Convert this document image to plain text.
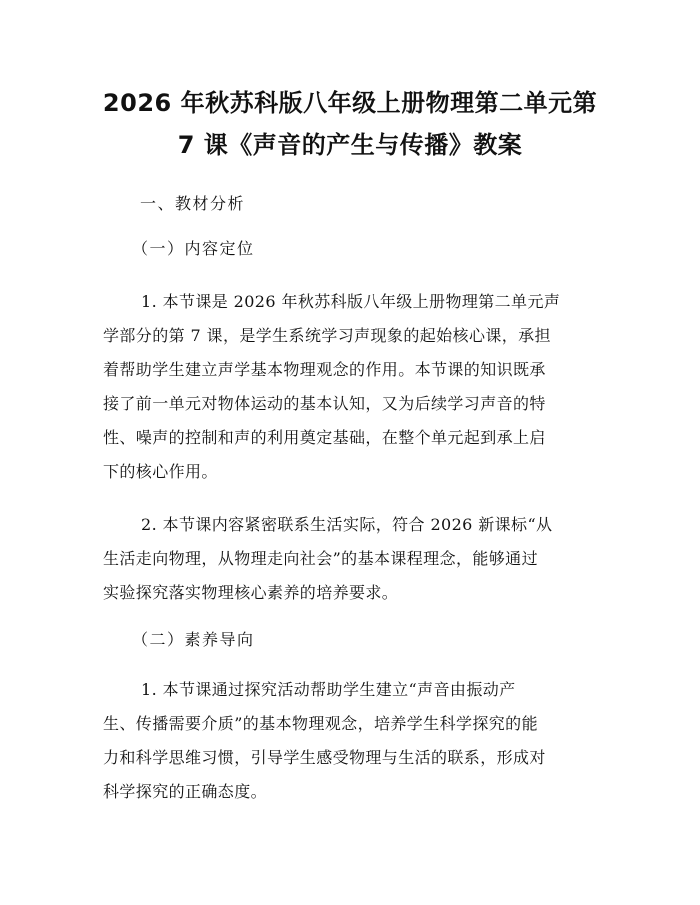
2026 年秋苏科版八年级上册物理第二单元第
7 课《声音的产生与传播》教案
一、教材分析
（一）内容定位
1. 本节课是 2026 年秋苏科版八年级上册物理第二单元声
学部分的第 7 课，是学生系统学习声现象的起始核心课，承担
着帮助学生建立声学基本物理观念的作用。本节课的知识既承
接了前一单元对物体运动的基本认知，又为后续学习声音的特
性、噪声的控制和声的利用奠定基础，在整个单元起到承上启
下的核心作用。
2. 本节课内容紧密联系生活实际，符合 2026 新课标“从
生活走向物理，从物理走向社会”的基本课程理念，能够通过
实验探究落实物理核心素养的培养要求。
（二）素养导向
1. 本节课通过探究活动帮助学生建立“声音由振动产
生、传播需要介质”的基本物理观念，培养学生科学探究的能
力和科学思维习惯，引导学生感受物理与生活的联系，形成对
科学探究的正确态度。
